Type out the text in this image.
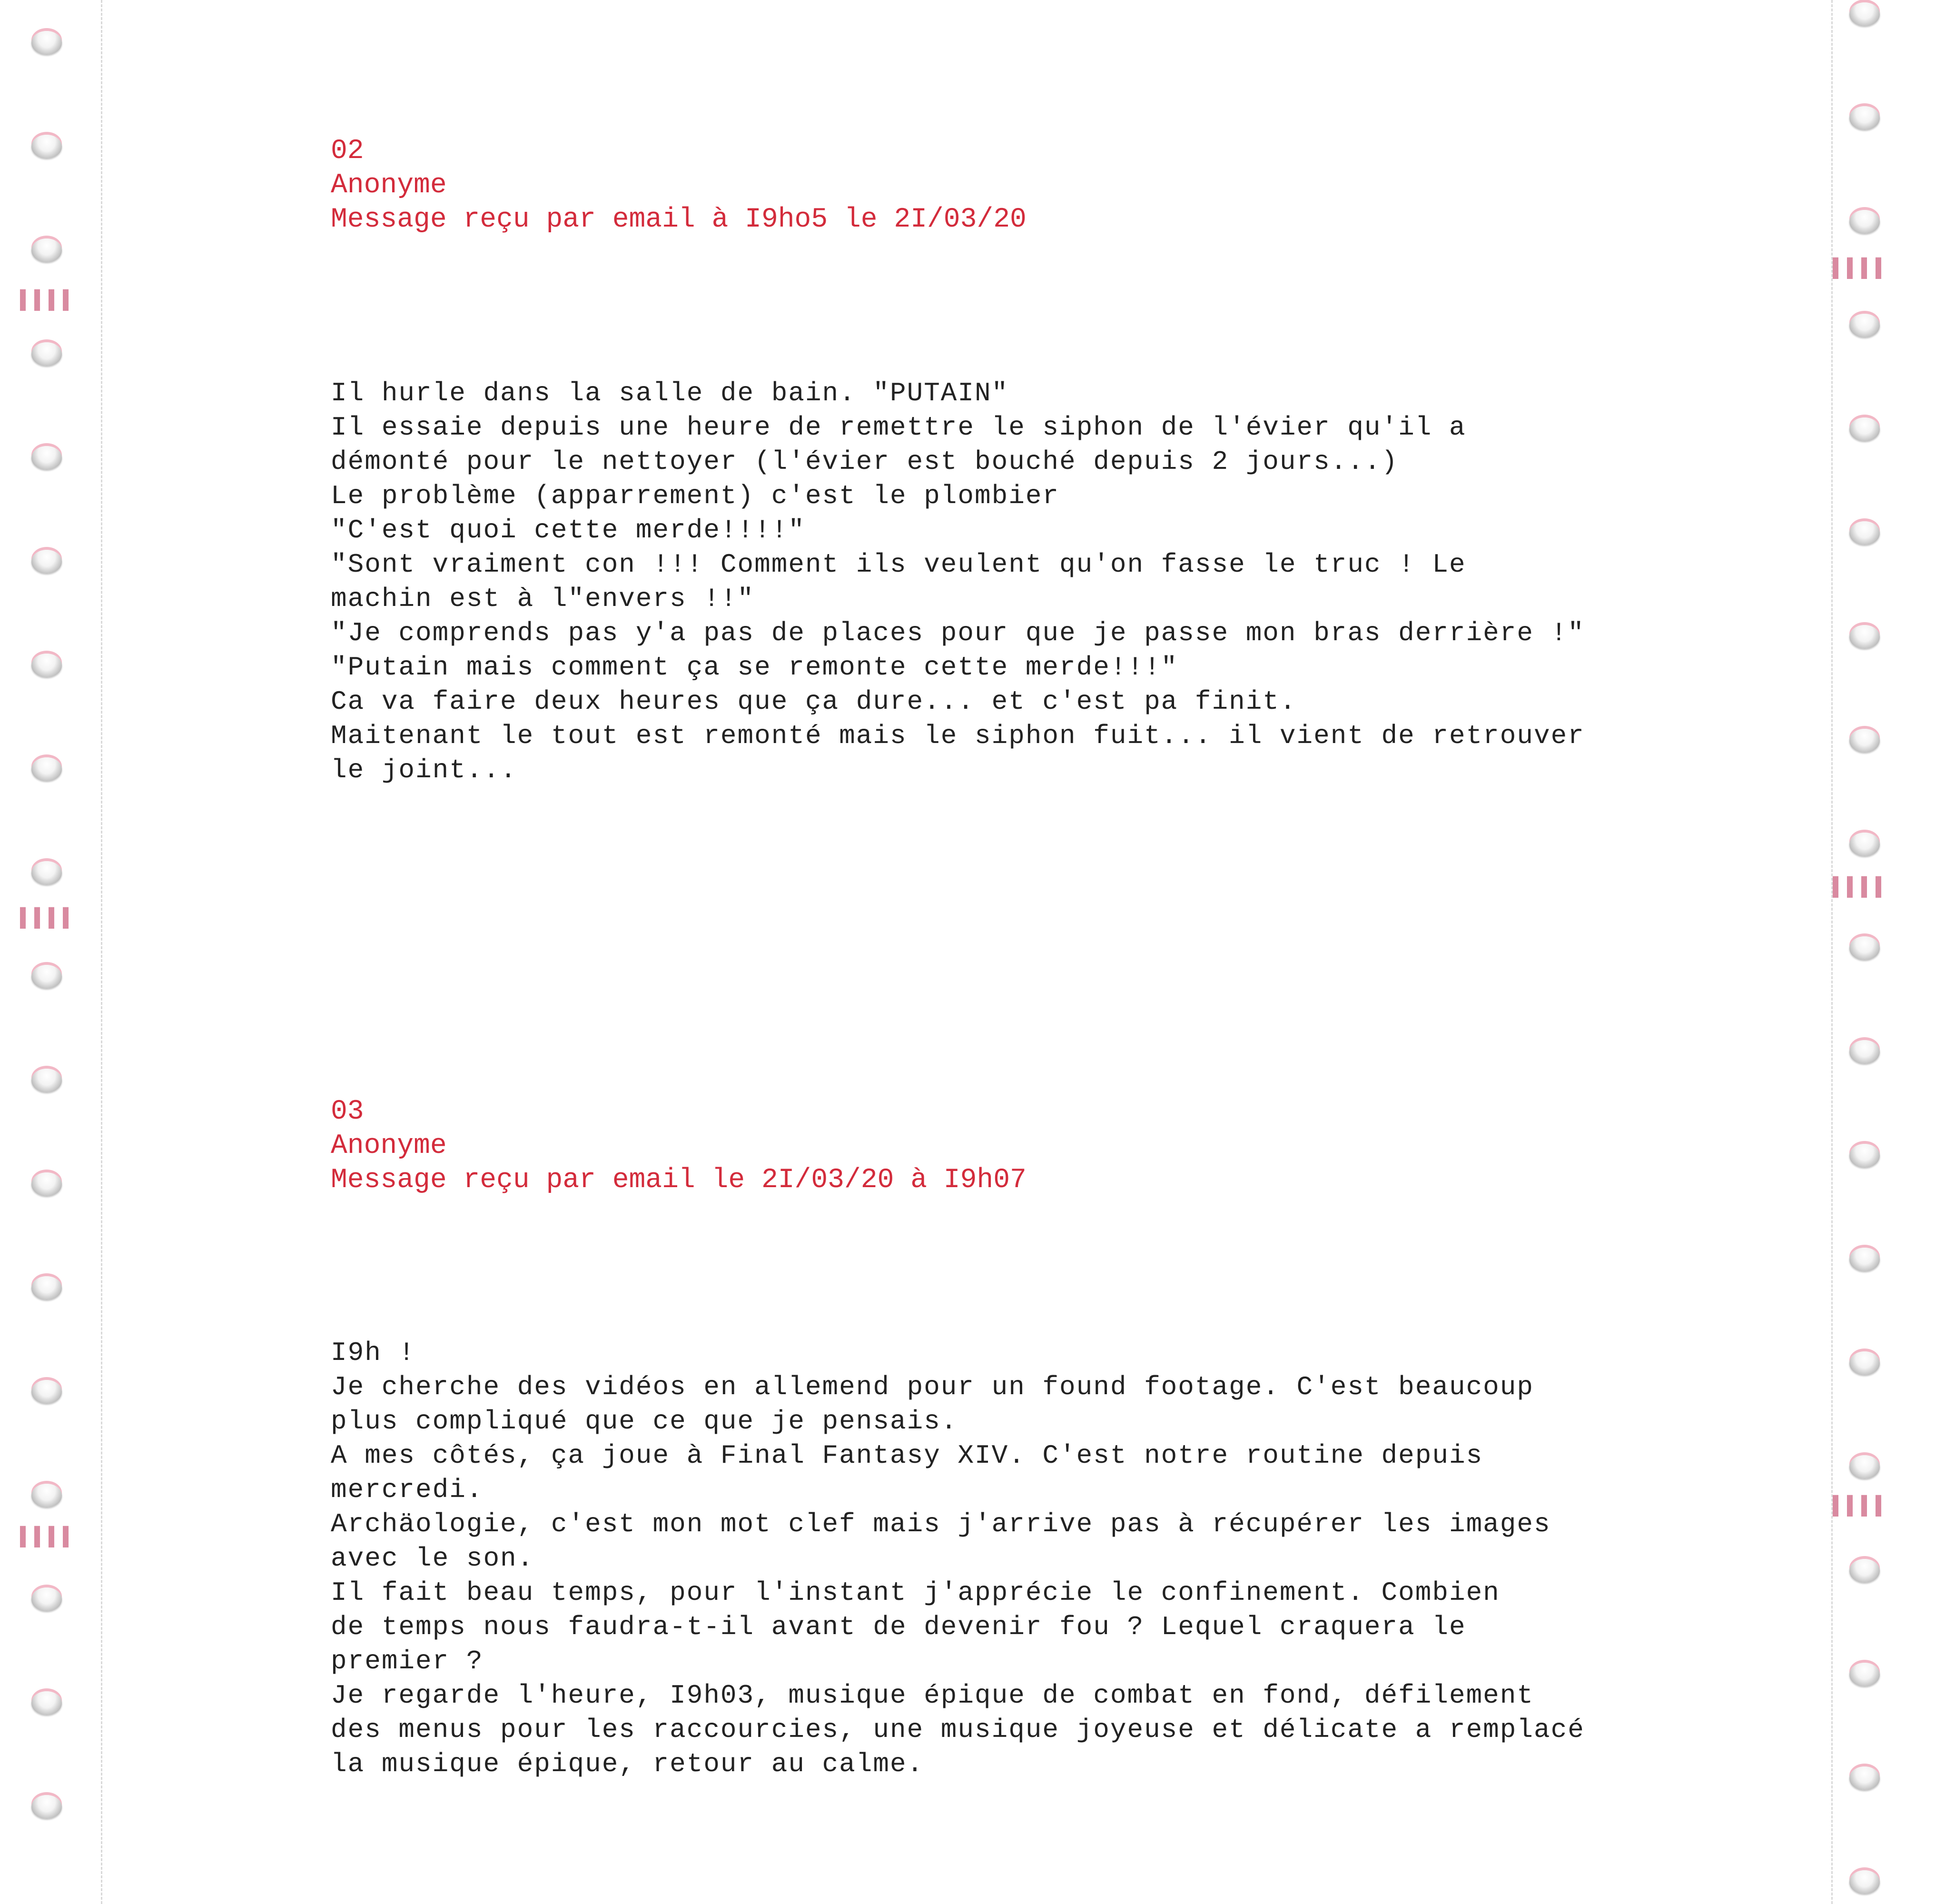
▌▌▌▌
▌▌▌▌
▌▌▌▌
▌▌▌▌
▌▌▌▌
▌▌▌▌
02
Anonyme
Message reçu par email à I9ho5 le 2I/03/20
Il hurle dans la salle de bain. "PUTAIN"
Il essaie depuis une heure de remettre le siphon de l'évier qu'il a
démonté pour le nettoyer (l'évier est bouché depuis 2 jours...)
Le problème (apparrement) c'est le plombier
"C'est quoi cette merde!!!!"
"Sont vraiment con !!! Comment ils veulent qu'on fasse le truc ! Le
machin est à l"envers !!"
"Je comprends pas y'a pas de places pour que je passe mon bras derrière !"
"Putain mais comment ça se remonte cette merde!!!"
Ca va faire deux heures que ça dure... et c'est pa finit.
Maitenant le tout est remonté mais le siphon fuit... il vient de retrouver
le joint...
03
Anonyme
Message reçu par email le 2I/03/20 à I9h07
I9h !
Je cherche des vidéos en allemend pour un found footage. C'est beaucoup
plus compliqué que ce que je pensais.
A mes côtés, ça joue à Final Fantasy XIV. C'est notre routine depuis
mercredi.
Archäologie, c'est mon mot clef mais j'arrive pas à récupérer les images
avec le son.
Il fait beau temps, pour l'instant j'apprécie le confinement. Combien
de temps nous faudra-t-il avant de devenir fou ? Lequel craquera le
premier ?
Je regarde l'heure, I9h03, musique épique de combat en fond, défilement
des menus pour les raccourcies, une musique joyeuse et délicate a remplacé
la musique épique, retour au calme.
